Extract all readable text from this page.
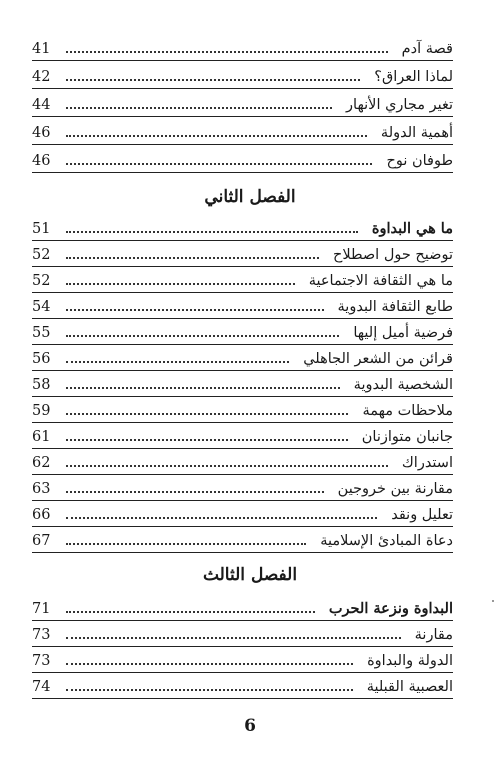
قصة آدم
41
لماذا العراق؟
42
تغير مجاري الأنهار
44
أهمية الدولة
46
طوفان نوح
46
الفصل الثاني
ما هي البداوة
51
توضيح حول اصطلاح
52
ما هي الثقافة الاجتماعية
52
طابع الثقافة البدوية
54
فرضية أميل إليها
55
قرائن من الشعر الجاهلي
56
الشخصية البدوية
58
ملاحظات مهمة
59
جانبان متوازنان
61
استدراك
62
مقارنة بين خروجين
63
تعليل ونقد
66
دعاة المبادئ الإسلامية
67
الفصل الثالث
البداوة ونزعة الحرب
71
مقارنة
73
الدولة والبداوة
73
العصبية القبلية
74
6
